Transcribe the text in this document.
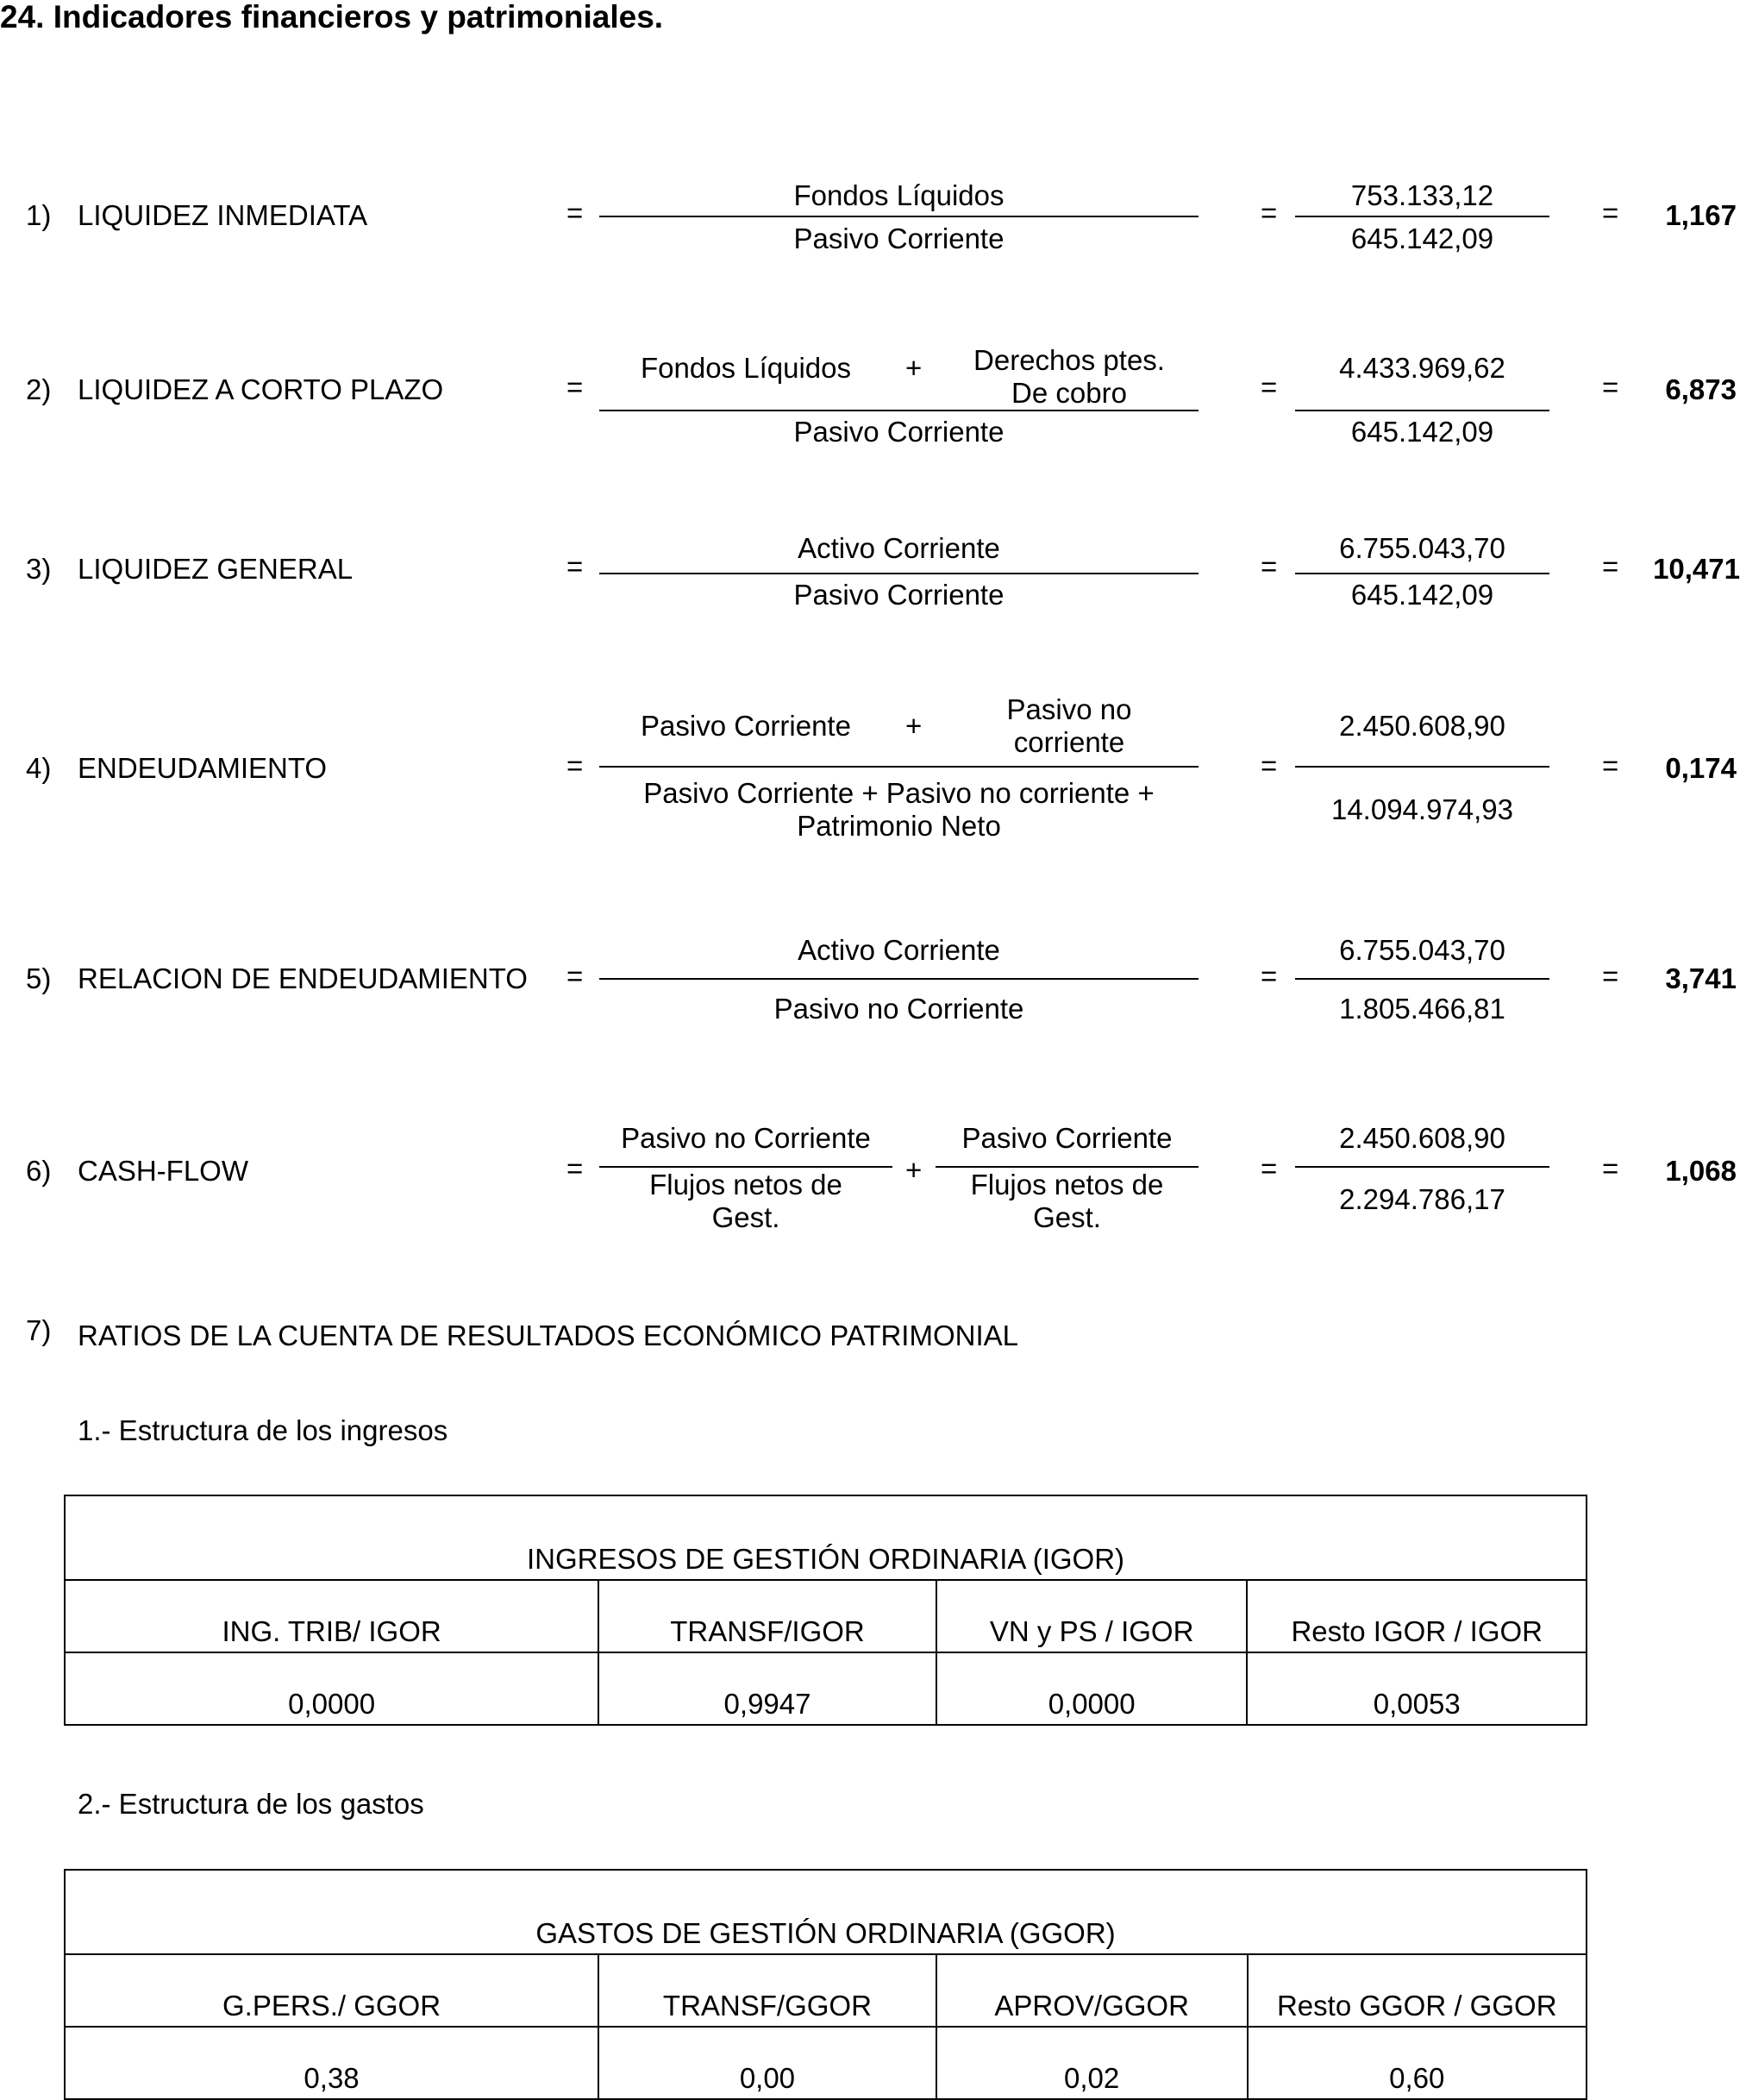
24. Indicadores financieros y patrimoniales.
1) LIQUIDEZ INMEDIATA	=
Fondos Líquidos
Pasivo Corriente
=
753.133,12
645.142,09
= 1,167
2) LIQUIDEZ A CORTO PLAZO	=
Fondos Líquidos	+	Derechos ptes.
De cobro
Pasivo Corriente
=
4.433.969,62
645.142,09
= 6,873
3) LIQUIDEZ GENERAL	=
Activo Corriente
Pasivo Corriente
=
6.755.043,70
645.142,09
= 10,471
4) ENDEUDAMIENTO	=
Pasivo Corriente	+
Pasivo no
corriente
Pasivo Corriente + Pasivo no corriente +
Patrimonio Neto
=
2.450.608,90
14.094.974,93
= 0,174
5) RELACION DE ENDEUDAMIENTO =
Activo Corriente
Pasivo no Corriente
=
6.755.043,70
1.805.466,81
= 3,741
6) CASH-FLOW	=
Pasivo no Corriente
Flujos netos de
Gest.
+
Pasivo Corriente
Flujos netos de
Gest.
=
2.450.608,90
2.294.786,17
= 1,068
7) RATIOS DE LA CUENTA DE RESULTADOS ECONÓMICO PATRIMONIAL
1.- Estructura de los ingresos
INGRESOS DE GESTIÓN ORDINARIA (IGOR)			
ING. TRIB/ IGOR	TRANSF/IGOR	VN y PS / IGOR	Resto IGOR / IGOR
0,0000	0,9947	0,0000	0,0053
2.- Estructura de los gastos
GASTOS DE GESTIÓN ORDINARIA (GGOR)			
G.PERS./ GGOR	TRANSF/GGOR	APROV/GGOR	Resto GGOR / GGOR
0,38	0,00	0,02	0,60
